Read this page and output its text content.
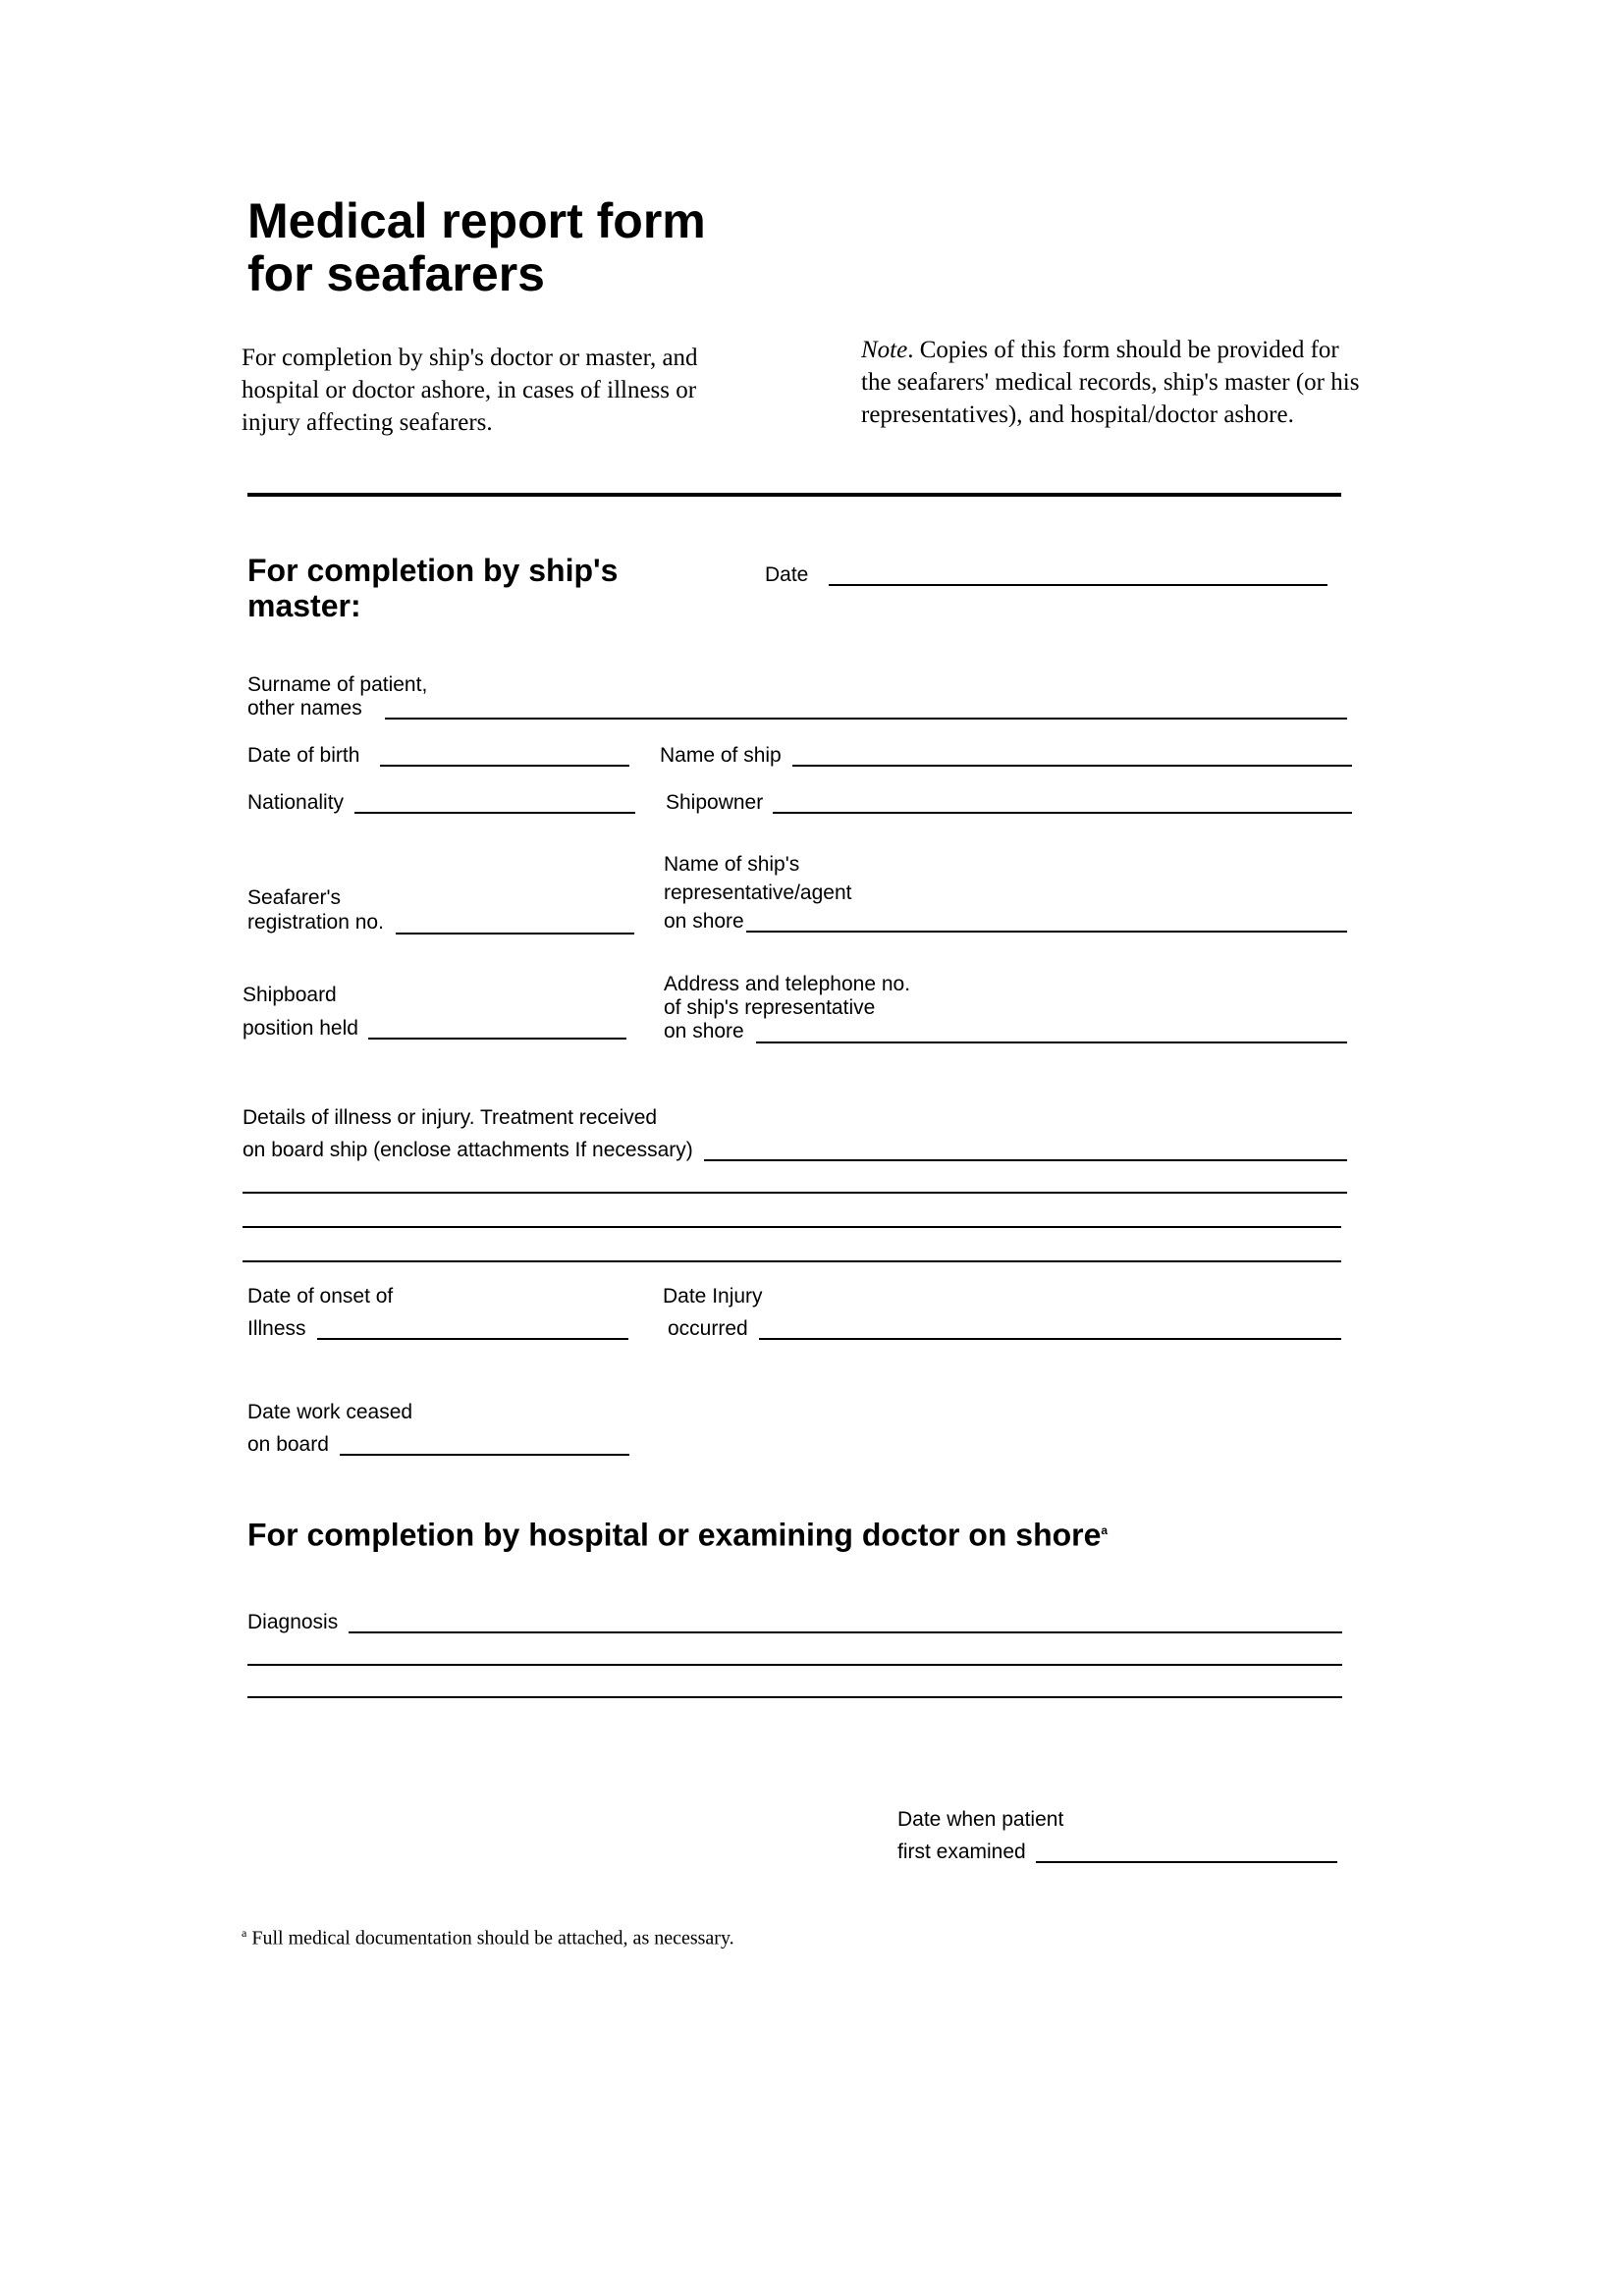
Medical report form
for seafarers
For completion by ship's doctor or master, and hospital or doctor ashore, in cases of illness or injury affecting seafarers.
Note. Copies of this form should be provided for the seafarers' medical records, ship's master (or his representatives), and hospital/doctor ashore.
For completion by ship's master:
Date
Surname of patient,
other names
Date of birth	Name of ship
Nationality	Shipowner
Name of ship's
representative/agent
on shore
Seafarer's
registration no.
Shipboard
position held
Address and telephone no.
of ship's representative
on shore
Details of illness or injury. Treatment received
on board ship (enclose attachments If necessary)
Date of onset of
Illness
Date Injury
occurred
Date work ceased
on board
For completion by hospital or examining doctor on shore$^a$
Diagnosis
Date when patient
first examined
$^a$ Full medical documentation should be attached, as necessary.
